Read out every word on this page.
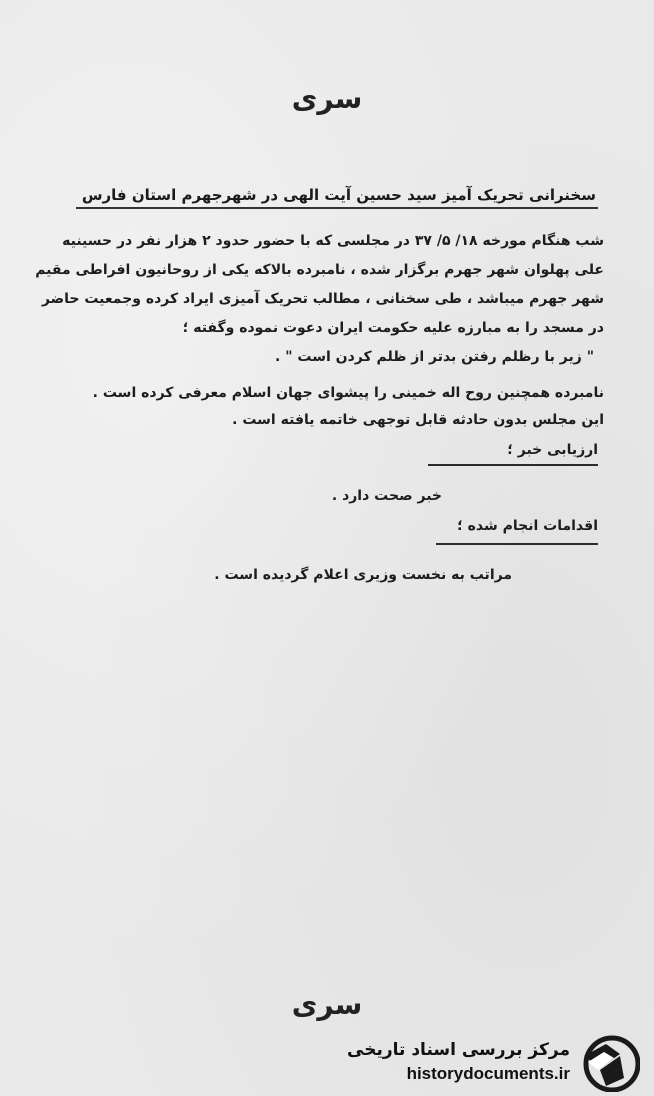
سری
سخنرانی تحریک آمیز سید حسین آیت الهی در شهرجهرم استان فارس
شب هنگام مورخه ۱۸/ ۵/ ۳۷ در مجلسی که با حضور حدود ۲ هزار نفر در حسینیه
علی پهلوان شهر جهرم برگزار شده ، نامبرده بالاکه یکی از روحانیون افراطی مقیم
شهر جهرم میباشد ، طی سخنانی ، مطالب تحریک آمیزی ایراد کرده وجمعیت حاضر
در مسجد را به مبارزه علیه حکومت ایران دعوت نموده وگفته ؛
" زیر با رظلم رفتن بدتر از ظلم کردن است " .
نامبرده همچنین روح اله خمینی را پیشوای جهان اسلام معرفی کرده است .
این مجلس بدون حادثه قابل توجهی خاتمه یافته است .
ارزیابی خبر ؛
خبر صحت دارد .
اقدامات انجام شده ؛
مراتب به نخست وزیری اعلام گردیده است .
سری
مرکز بررسی اسناد تاریخی
historydocuments.ir
